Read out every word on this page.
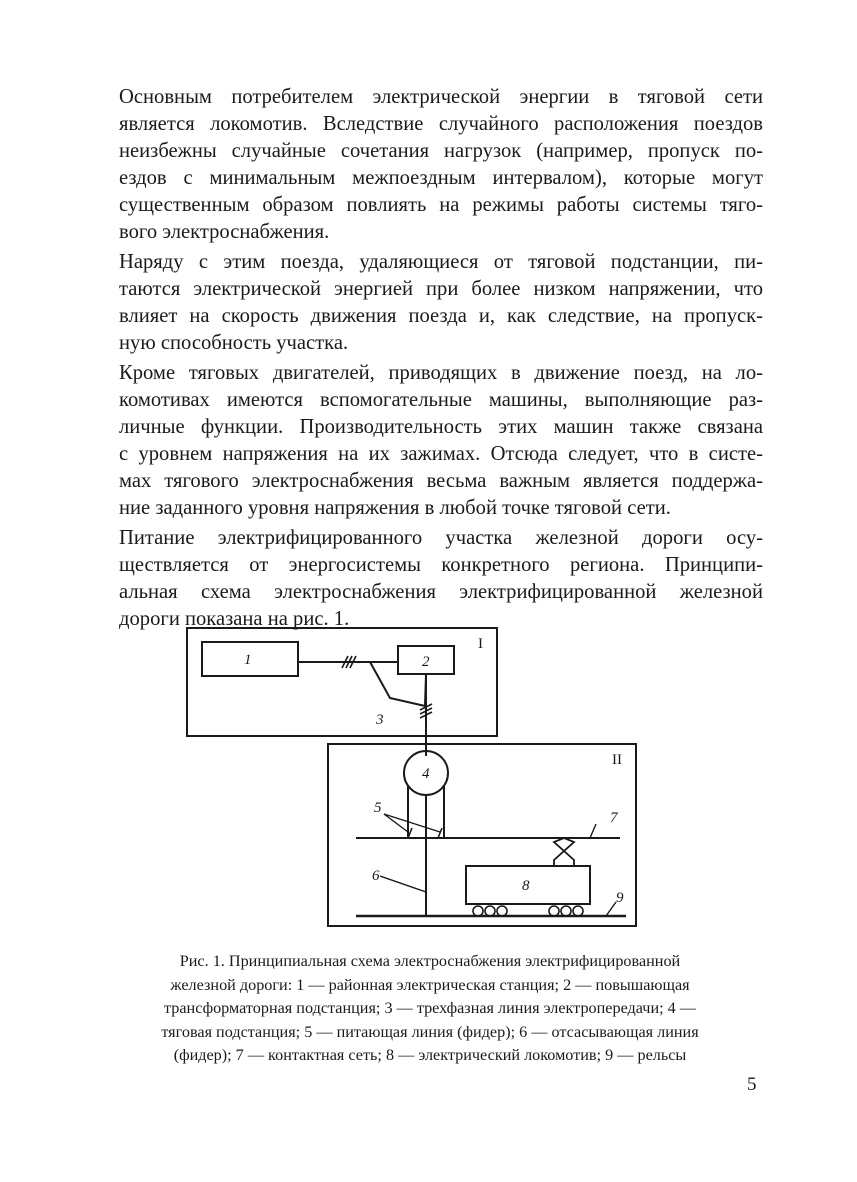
Основным потребителем электрической энергии в тяговой сети
является локомотив. Вследствие случайного расположения поездов
неизбежны случайные сочетания нагрузок (например, пропуск по-
ездов с минимальным межпоездным интервалом), которые могут
существенным образом повлиять на режимы работы системы тяго-
вого электроснабжения.

Наряду с этим поезда, удаляющиеся от тяговой подстанции, пи-
таются электрической энергией при более низком напряжении, что
влияет на скорость движения поезда и, как следствие, на пропуск-
ную способность участка.

Кроме тяговых двигателей, приводящих в движение поезд, на ло-
комотивах имеются вспомогательные машины, выполняющие раз-
личные функции. Производительность этих машин также связана
с уровнем напряжения на их зажимах. Отсюда следует, что в систе-
мах тягового электроснабжения весьма важным является поддержа-
ние заданного уровня напряжения в любой точке тяговой сети.

Питание электрифицированного участка железной дороги осу-
ществляется от энергосистемы конкретного региона. Принципи-
альная схема электроснабжения электрифицированной железной
дороги показана на рис. 1.

1	2
3
4
5
6
7
8
9
I
II
Рис. 1. Принципиальная схема электроснабжения электрифицированной
железной дороги: 1 — районная электрическая станция; 2 — повышающая
трансформаторная подстанция; 3 — трехфазная линия электропередачи; 4 —
тяговая подстанция; 5 — питающая линия (фидер); 6 — отсасывающая линия
(фидер); 7 — контактная сеть; 8 — электрический локомотив; 9 — рельсы
5
